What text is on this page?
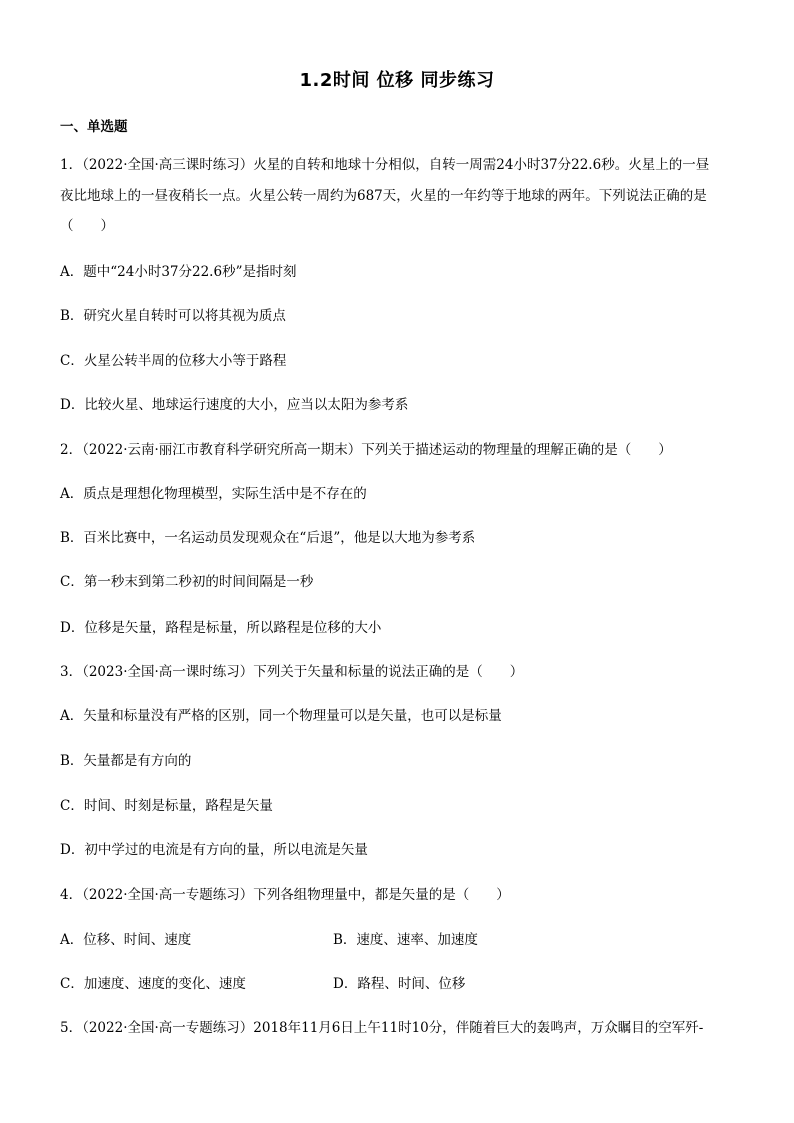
1.2时间 位移 同步练习
一、单选题
1．（2022·全国·高三课时练习）火星的自转和地球十分相似，自转一周需24小时37分22.6秒。火星上的一昼
夜比地球上的一昼夜稍长一点。火星公转一周约为687天，火星的一年约等于地球的两年。下列说法正确的是
（　　）
A．题中“24小时37分22.6秒”是指时刻
B．研究火星自转时可以将其视为质点
C．火星公转半周的位移大小等于路程
D．比较火星、地球运行速度的大小，应当以太阳为参考系
2．（2022·云南·丽江市教育科学研究所高一期末）下列关于描述运动的物理量的理解正确的是（　　）
A．质点是理想化物理模型，实际生活中是不存在的
B．百米比赛中，一名运动员发现观众在“后退”，他是以大地为参考系
C．第一秒末到第二秒初的时间间隔是一秒
D．位移是矢量，路程是标量，所以路程是位移的大小
3．（2023·全国·高一课时练习）下列关于矢量和标量的说法正确的是（　　）
A．矢量和标量没有严格的区别，同一个物理量可以是矢量，也可以是标量
B．矢量都是有方向的
C．时间、时刻是标量，路程是矢量
D．初中学过的电流是有方向的量，所以电流是矢量
4．（2022·全国·高一专题练习）下列各组物理量中，都是矢量的是（　　）
A．位移、时间、速度	B．速度、速率、加速度
C．加速度、速度的变化、速度	D．路程、时间、位移
5．（2022·全国·高一专题练习）2018年11月6日上午11时10分，伴随着巨大的轰鸣声，万众瞩目的空军歼-
